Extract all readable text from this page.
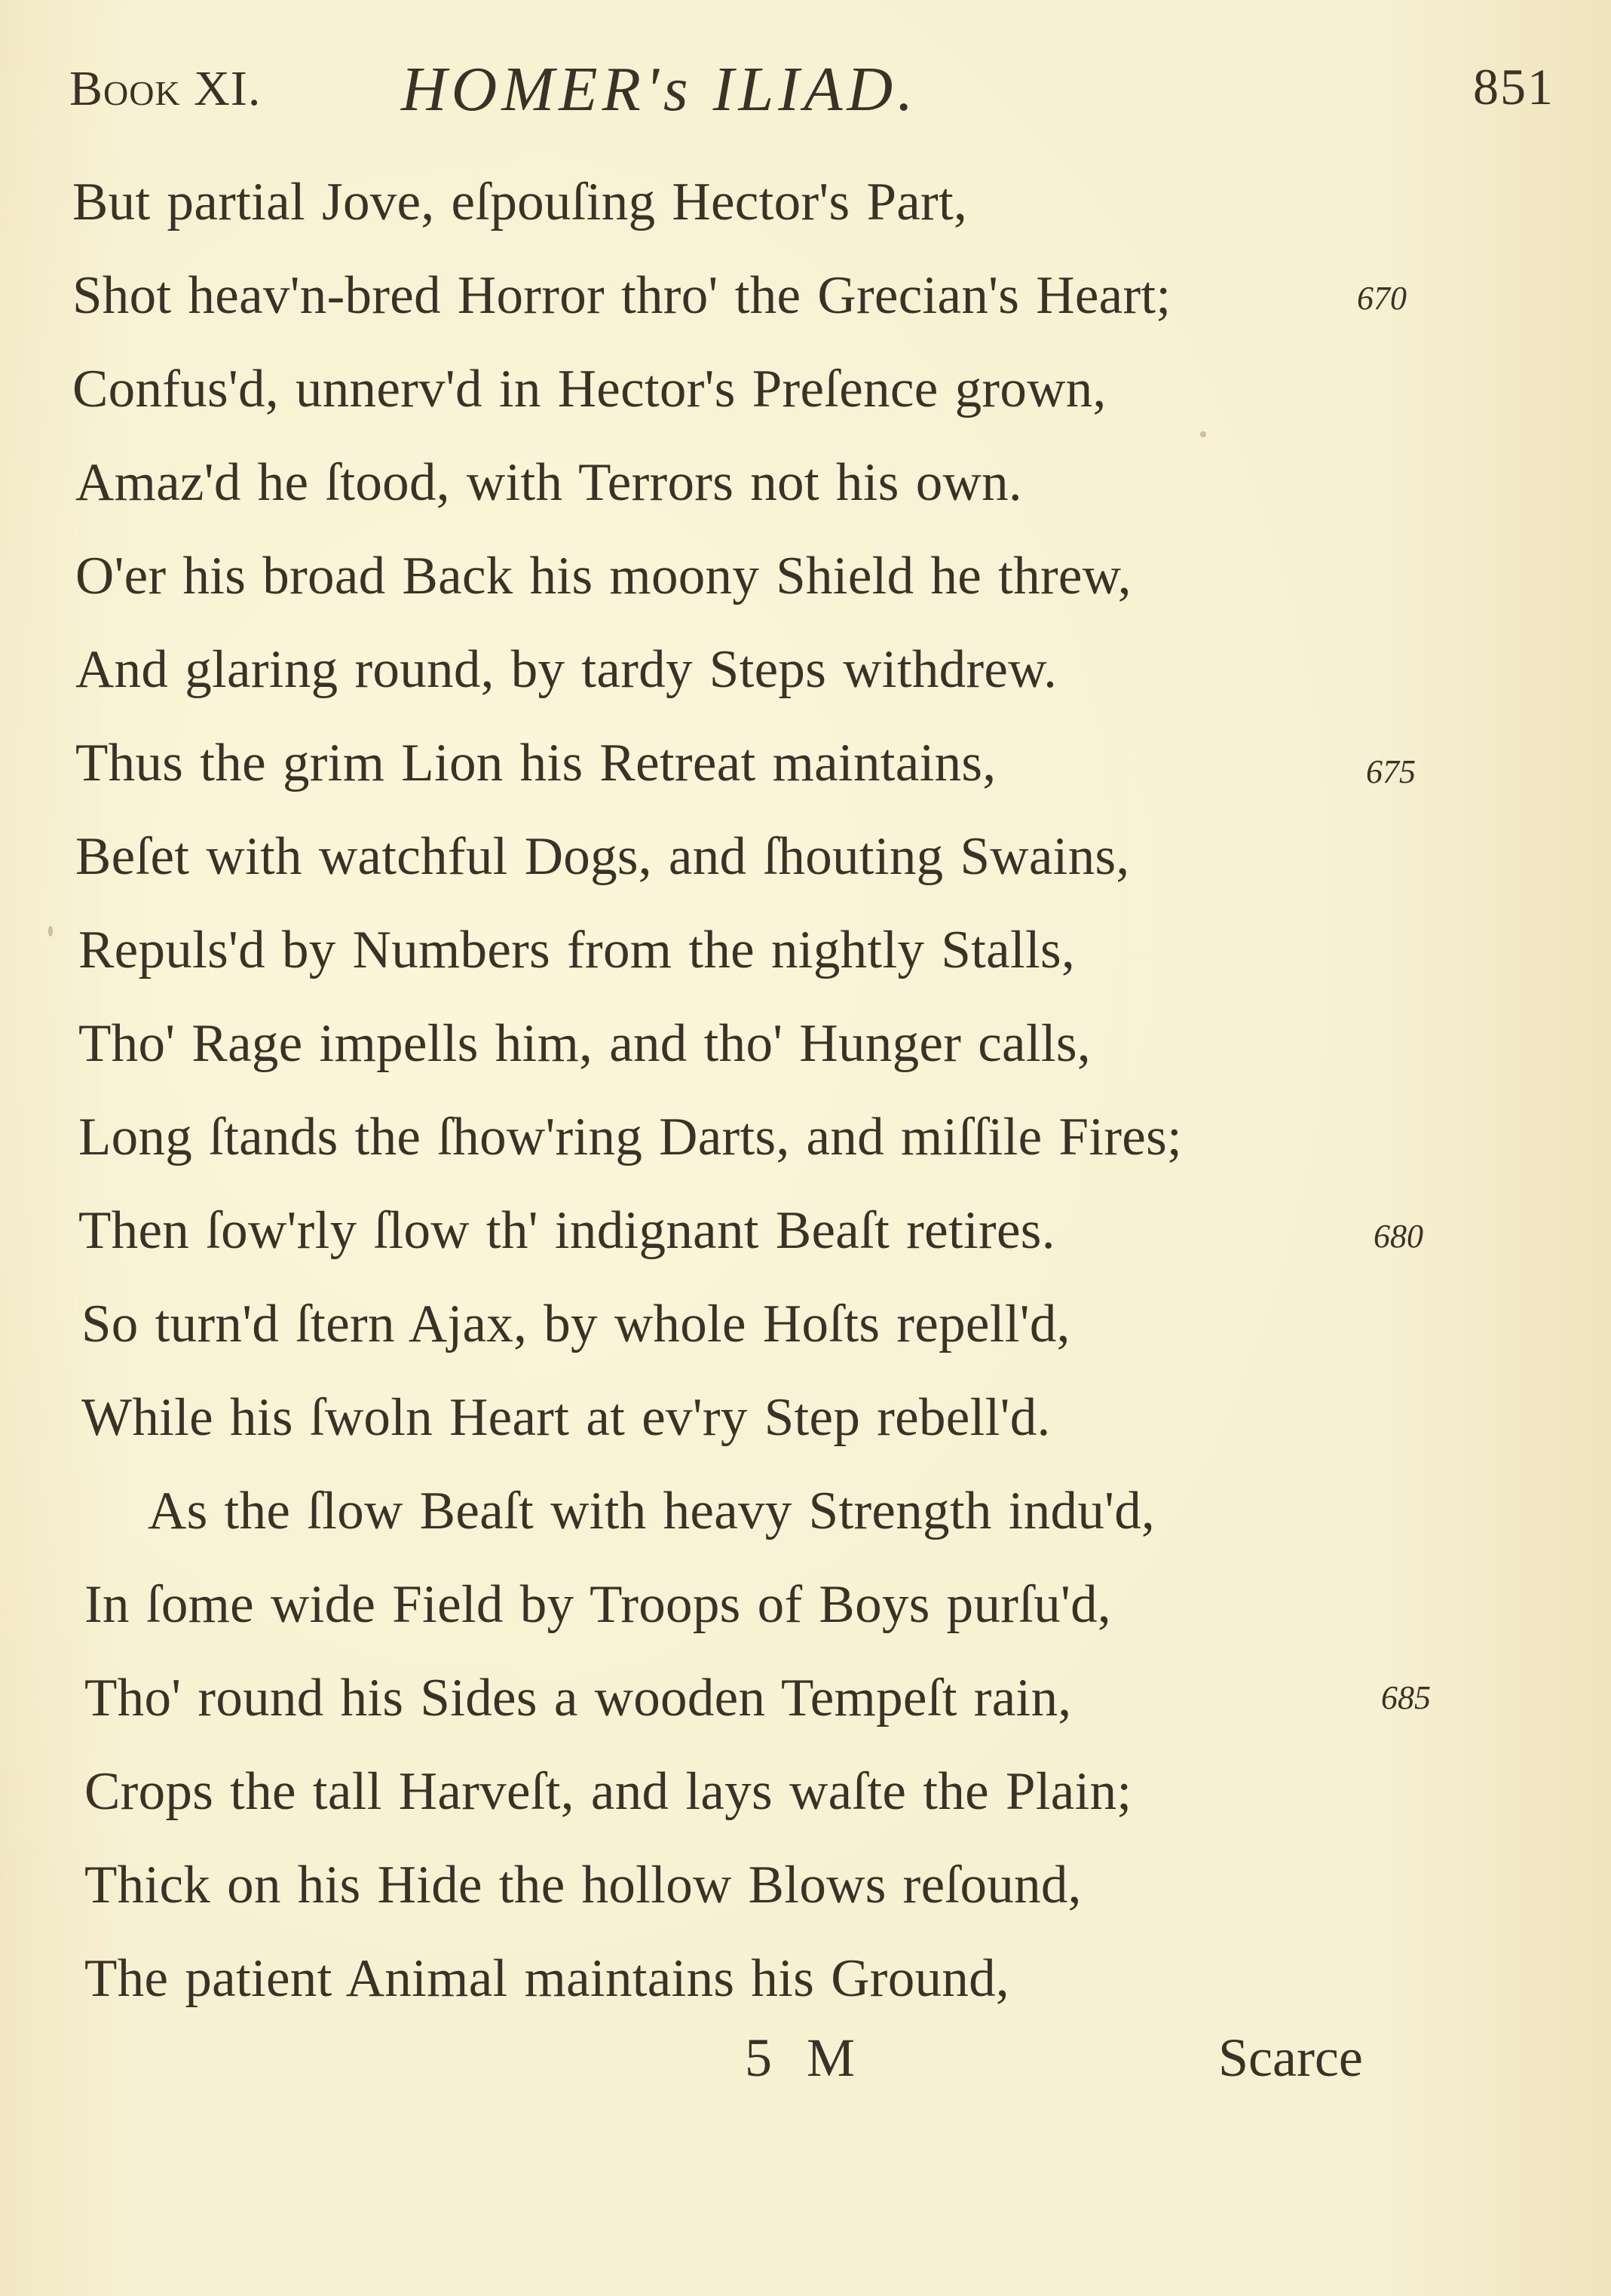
Book XI. HOMER's ILIAD.	851
But partial Jove, eſpouſing Hector's Part,
Shot heav'n-bred Horror thro' the Grecian's Heart;	670
Confus'd, unnerv'd in Hector's Preſence grown,
Amaz'd he ſtood, with Terrors not his own.
O'er his broad Back his moony Shield he threw,
And glaring round, by tardy Steps withdrew.
Thus the grim Lion his Retreat maintains,	675
Beſet with watchful Dogs, and ſhouting Swains,
Repuls'd by Numbers from the nightly Stalls,
Tho' Rage impells him, and tho' Hunger calls,
Long ſtands the ſhow'ring Darts, and miſſile Fires;
Then ſow'rly ſlow th' indignant Beaſt retires.	680
So turn'd ſtern Ajax, by whole Hoſts repell'd,
While his ſwoln Heart at ev'ry Step rebell'd.
As the ſlow Beaſt with heavy Strength indu'd,
In ſome wide Field by Troops of Boys purſu'd,
Tho' round his Sides a wooden Tempeſt rain,	685
Crops the tall Harveſt, and lays waſte the Plain;
Thick on his Hide the hollow Blows reſound,
The patient Animal maintains his Ground,
5 M	Scarce
